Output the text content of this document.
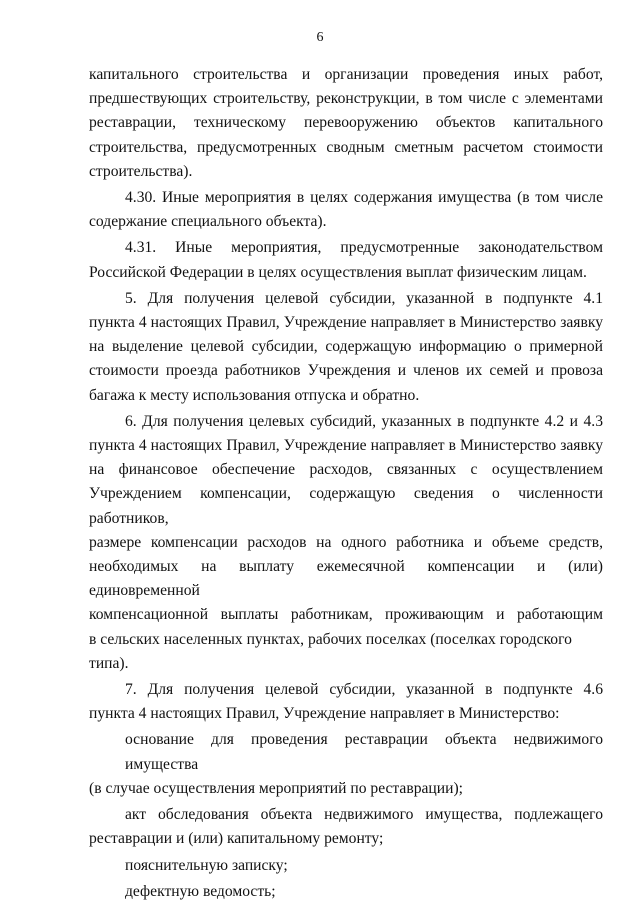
6

капитального строительства и организации проведения иных работ,

предшествующих строительству, реконструкции, в том числе с элементами

реставрации, техническому перевооружению объектов капитального

строительства, предусмотренных сводным сметным расчетом стоимости

строительства).

4.30. Иные мероприятия в целях содержания имущества (в том числе

содержание специального объекта).

4.31. Иные мероприятия, предусмотренные законодательством

Российской Федерации в целях осуществления выплат физическим лицам.

5. Для получения целевой субсидии, указанной в подпункте 4.1

пункта 4 настоящих Правил, Учреждение направляет в Министерство заявку

на выделение целевой субсидии, содержащую информацию о примерной

стоимости проезда работников Учреждения и членов их семей и провоза

багажа к месту использования отпуска и обратно.

6. Для получения целевых субсидий, указанных в подпункте 4.2 и 4.3

пункта 4 настоящих Правил, Учреждение направляет в Министерство заявку

на финансовое обеспечение расходов, связанных с осуществлением

Учреждением компенсации, содержащую сведения о численности работников,

размере компенсации расходов на одного работника и объеме средств,

необходимых на выплату ежемесячной компенсации и (или) единовременной

компенсационной выплаты работникам, проживающим и работающим

в сельских населенных пунктах, рабочих поселках (поселках городского типа).

7. Для получения целевой субсидии, указанной в подпункте 4.6

пункта 4 настоящих Правил, Учреждение направляет в Министерство:

основание для проведения реставрации объекта недвижимого имущества

(в случае осуществления мероприятий по реставрации);

акт обследования объекта недвижимого имущества, подлежащего

реставрации и (или) капитальному ремонту;

пояснительную записку;

дефектную ведомость;
